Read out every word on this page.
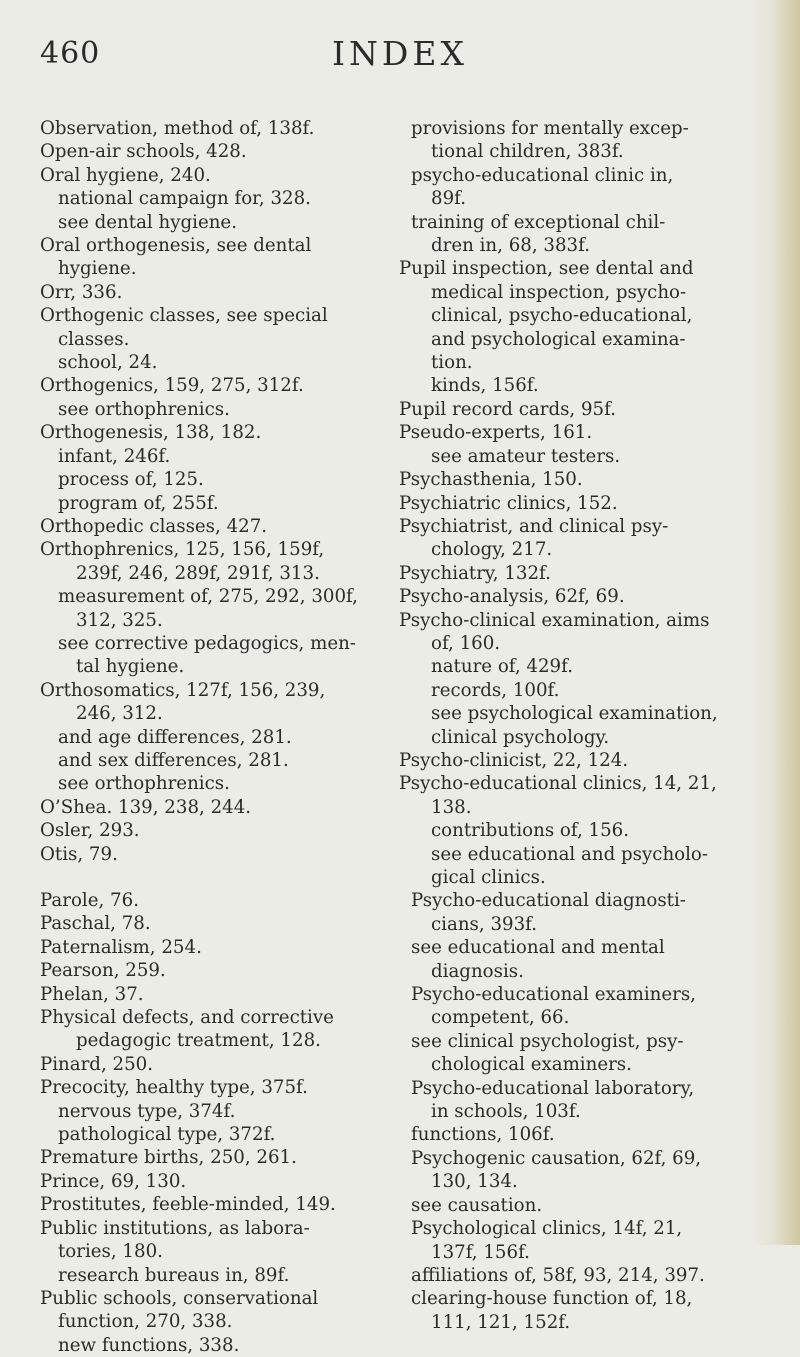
460	INDEX
Observation, method of, 138f.
Open-air schools, 428.
Oral hygiene, 240.
national campaign for, 328.
see dental hygiene.
Oral orthogenesis, see dental
hygiene.
Orr, 336.
Orthogenic classes, see special
classes.
school, 24.
Orthogenics, 159, 275, 312f.
see orthophrenics.
Orthogenesis, 138, 182.
infant, 246f.
process of, 125.
program of, 255f.
Orthopedic classes, 427.
Orthophrenics, 125, 156, 159f,
239f, 246, 289f, 291f, 313.
measurement of, 275, 292, 300f,
312, 325.
see corrective pedagogics, men-
tal hygiene.
Orthosomatics, 127f, 156, 239,
246, 312.
and age differences, 281.
and sex differences, 281.
see orthophrenics.
O’Shea. 139, 238, 244.
Osler, 293.
Otis, 79.
Parole, 76.
Paschal, 78.
Paternalism, 254.
Pearson, 259.
Phelan, 37.
Physical defects, and corrective
pedagogic treatment, 128.
Pinard, 250.
Precocity, healthy type, 375f.
nervous type, 374f.
pathological type, 372f.
Premature births, 250, 261.
Prince, 69, 130.
Prostitutes, feeble-minded, 149.
Public institutions, as labora-
tories, 180.
research bureaus in, 89f.
Public schools, conservational
function, 270, 338.
new functions, 338.
provisions for mentally excep-
tional children, 383f.
psycho-educational clinic in,
89f.
training of exceptional chil-
dren in, 68, 383f.
Pupil inspection, see dental and
medical inspection, psycho-
clinical, psycho-educational,
and psychological examina-
tion.
kinds, 156f.
Pupil record cards, 95f.
Pseudo-experts, 161.
see amateur testers.
Psychasthenia, 150.
Psychiatric clinics, 152.
Psychiatrist, and clinical psy-
chology, 217.
Psychiatry, 132f.
Psycho-analysis, 62f, 69.
Psycho-clinical examination, aims
of, 160.
nature of, 429f.
records, 100f.
see psychological examination,
clinical psychology.
Psycho-clinicist, 22, 124.
Psycho-educational clinics, 14, 21,
138.
contributions of, 156.
see educational and psycholo-
gical clinics.
Psycho-educational diagnosti-
cians, 393f.
see educational and mental
diagnosis.
Psycho-educational examiners,
competent, 66.
see clinical psychologist, psy-
chological examiners.
Psycho-educational laboratory,
in schools, 103f.
functions, 106f.
Psychogenic causation, 62f, 69,
130, 134.
see causation.
Psychological clinics, 14f, 21,
137f, 156f.
affiliations of, 58f, 93, 214, 397.
clearing-house function of, 18,
111, 121, 152f.
